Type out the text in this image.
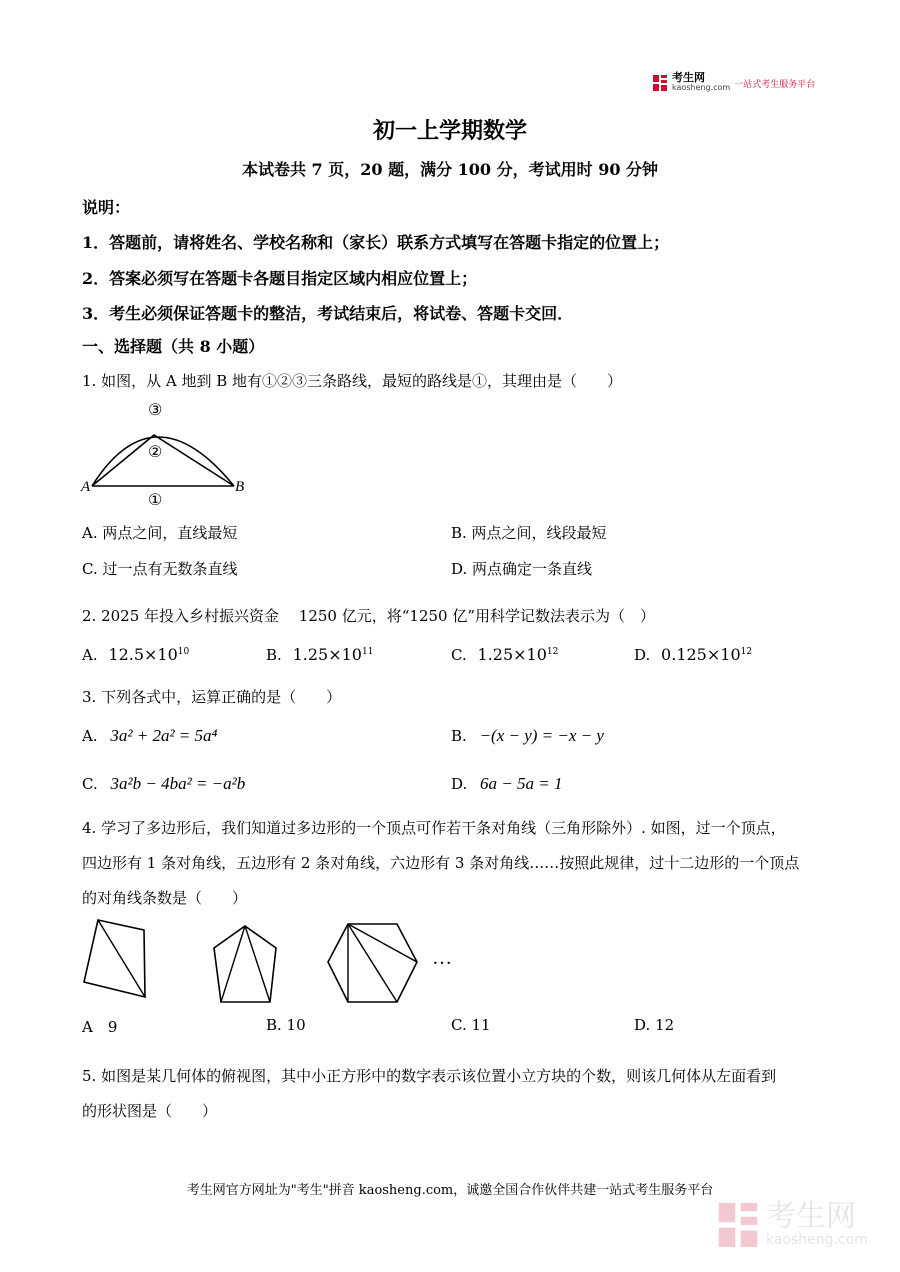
考生网
kaosheng.com 一站式考生服务平台
初一上学期数学
本试卷共 7 页，20 题，满分 100 分，考试用时 90 分钟
说明：
1．答题前，请将姓名、学校名称和（家长）联系方式填写在答题卡指定的位置上；
2．答案必须写在答题卡各题目指定区域内相应位置上；
3．考生必须保证答题卡的整洁，考试结束后，将试卷、答题卡交回．
一、选择题（共 8 小题）
1. 如图，从 A 地到 B 地有①②③三条路线，最短的路线是①，其理由是（　　）
A	B
①
②
③
A. 两点之间，直线最短	B. 两点之间，线段最短
C. 过一点有无数条直线	D. 两点确定一条直线
2. 2025 年投入乡村振兴资金　 1250 亿元，将“1250 亿”用科学记数法表示为（　）
A. $12.5\times 10^{10}$	B. $1.25\times 10^{11}$	C. $1.25\times 10^{12}$	D. $0.125\times 10^{12}$
3. 下列各式中，运算正确的是（　　）
A. 3a² + 2a² = 5a⁴	B. −(x − y) = −x − y
C. 3a²b − 4ba² = −a²b	D. 6a − 5a = 1
4. 学习了多边形后，我们知道过多边形的一个顶点可作若干条对角线（三角形除外）. 如图，过一个顶点，
四边形有 1 条对角线，五边形有 2 条对角线，六边形有 3 条对角线……按照此规律，过十二边形的一个顶点
的对角线条数是（　　）
…
A　9	B. 10	C. 11	D. 12
5. 如图是某几何体的俯视图，其中小正方形中的数字表示该位置小立方块的个数，则该几何体从左面看到
的形状图是（　　）
考生网官方网址为"考生"拼音 kaosheng.com，诚邀全国合作伙伴共建一站式考生服务平台
考生网
kaosheng.com
